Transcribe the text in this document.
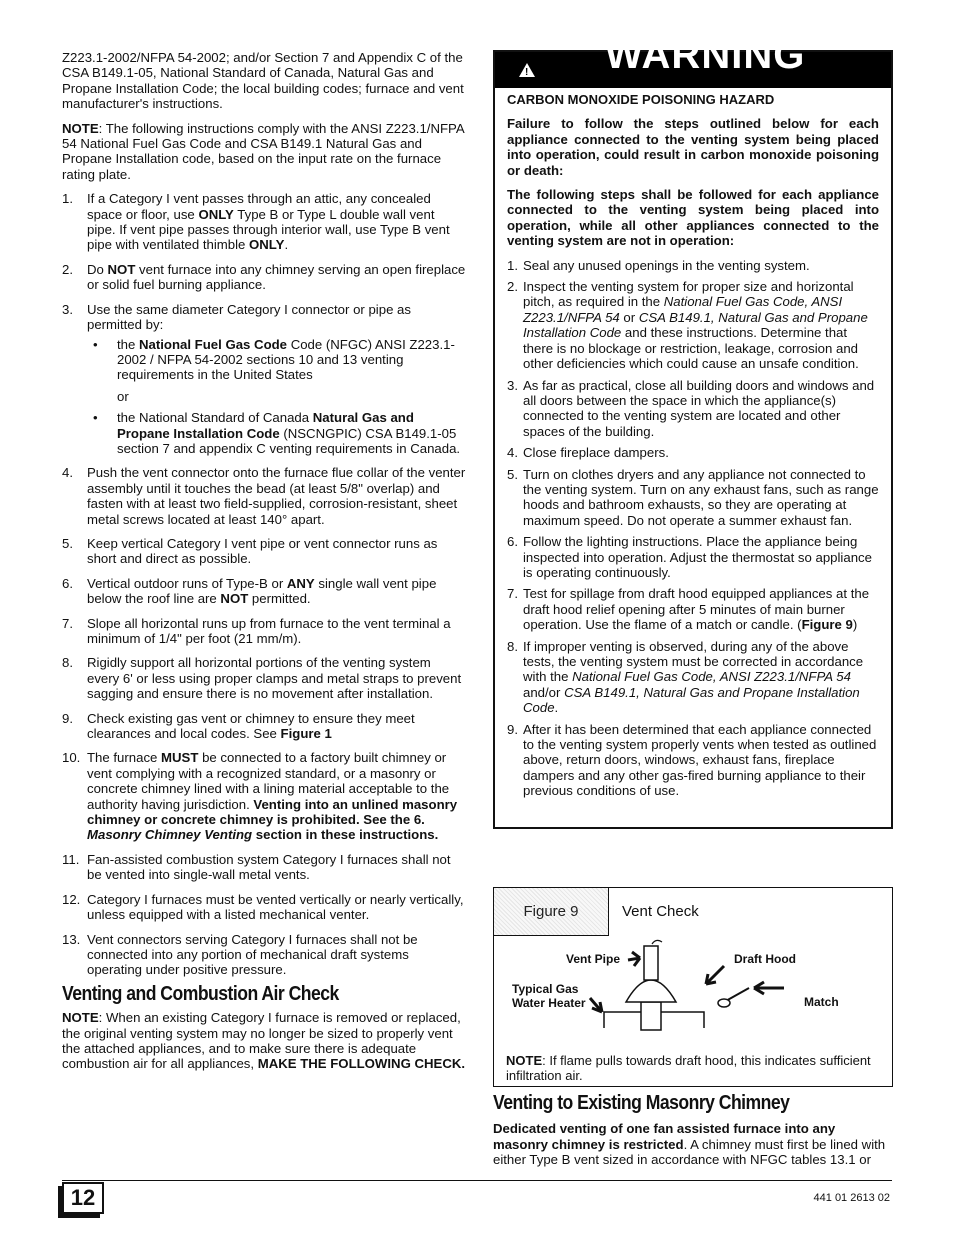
Z223.1-2002/NFPA 54-2002; and/or Section 7 and Appendix C of the CSA B149.1-05, National Standard of Canada, Natural Gas and Propane Installation Code; the local building codes; furnace and vent manufacturer's instructions.

NOTE: The following instructions comply with the ANSI Z223.1/NFPA 54 National Fuel Gas Code and CSA B149.1 Natural Gas and Propane Installation code, based on the input rate on the furnace rating plate.

1. If a Category I vent passes through an attic, any concealed space or floor, use ONLY Type B or Type L double wall vent pipe. If vent pipe passes through interior wall, use Type B vent pipe with ventilated thimble ONLY.
2. Do NOT vent furnace into any chimney serving an open fireplace or solid fuel burning appliance.
3. Use the same diameter Category I connector or pipe as permitted by:
• the National Fuel Gas Code Code (NFGC) ANSI Z223.1-2002 / NFPA 54-2002 sections 10 and 13 venting requirements in the United States
or
• the National Standard of Canada Natural Gas and Propane Installation Code (NSCNGPIC) CSA B149.1-05 section 7 and appendix C venting requirements in Canada.
4. Push the vent connector onto the furnace flue collar of the venter assembly until it touches the bead (at least 5/8" overlap) and fasten with at least two field-supplied, corrosion-resistant, sheet metal screws located at least 140° apart.
5. Keep vertical Category I vent pipe or vent connector runs as short and direct as possible.
6. Vertical outdoor runs of Type-B or ANY single wall vent pipe below the roof line are NOT permitted.
7. Slope all horizontal runs up from furnace to the vent terminal a minimum of 1/4" per foot (21 mm/m).
8. Rigidly support all horizontal portions of the venting system every 6' or less using proper clamps and metal straps to prevent sagging and ensure there is no movement after installation.
9. Check existing gas vent or chimney to ensure they meet clearances and local codes. See Figure 1
10. The furnace MUST be connected to a factory built chimney or vent complying with a recognized standard, or a masonry or concrete chimney lined with a lining material acceptable to the authority having jurisdiction. Venting into an unlined masonry chimney or concrete chimney is prohibited. See the 6. Masonry Chimney Venting section in these instructions.
11. Fan-assisted combustion system Category I furnaces shall not be vented into single-wall metal vents.
12. Category I furnaces must be vented vertically or nearly vertically, unless equipped with a listed mechanical venter.
13. Vent connectors serving Category I furnaces shall not be connected into any portion of mechanical draft systems operating under positive pressure.
Venting and Combustion Air Check

NOTE: When an existing Category I furnace is removed or replaced, the original venting system may no longer be sized to properly vent the attached appliances, and to make sure there is adequate combustion air for all appliances, MAKE THE FOLLOWING CHECK.

! WARNING
CARBON MONOXIDE POISONING HAZARD

Failure to follow the steps outlined below for each appliance connected to the venting system being placed into operation, could result in carbon monoxide poisoning or death:

The following steps shall be followed for each appliance connected to the venting system being placed into operation, while all other appliances connected to the venting system are not in operation:

1. Seal any unused openings in the venting system.
2. Inspect the venting system for proper size and horizontal pitch, as required in the National Fuel Gas Code, ANSI Z223.1/NFPA 54 or CSA B149.1, Natural Gas and Propane Installation Code and these instructions. Determine that there is no blockage or restriction, leakage, corrosion and other deficiencies which could cause an unsafe condition.
3. As far as practical, close all building doors and windows and all doors between the space in which the appliance(s) connected to the venting system are located and other spaces of the building.
4. Close fireplace dampers.
5. Turn on clothes dryers and any appliance not connected to the venting system. Turn on any exhaust fans, such as range hoods and bathroom exhausts, so they are operating at maximum speed. Do not operate a summer exhaust fan.
6. Follow the lighting instructions. Place the appliance being inspected into operation. Adjust the thermostat so appliance is operating continuously.
7. Test for spillage from draft hood equipped appliances at the draft hood relief opening after 5 minutes of main burner operation. Use the flame of a match or candle. (Figure 9)
8. If improper venting is observed, during any of the above tests, the venting system must be corrected in accordance with the National Fuel Gas Code, ANSI Z223.1/NFPA 54 and/or CSA B149.1, Natural Gas and Propane Installation Code.
9. After it has been determined that each appliance connected to the venting system properly vents when tested as outlined above, return doors, windows, exhaust fans, fireplace dampers and any other gas-fired burning appliance to their previous conditions of use.
Figure 9	Vent Check
Vent Pipe	Draft Hood
Typical Gas
Water Heater	Match
NOTE: If flame pulls towards draft hood, this indicates sufficient infiltration air.
Venting to Existing Masonry Chimney

Dedicated venting of one fan assisted furnace into any masonry chimney is restricted. A chimney must first be lined with either Type B vent sized in accordance with NFGC tables 13.1 or

12	441 01 2613 02
